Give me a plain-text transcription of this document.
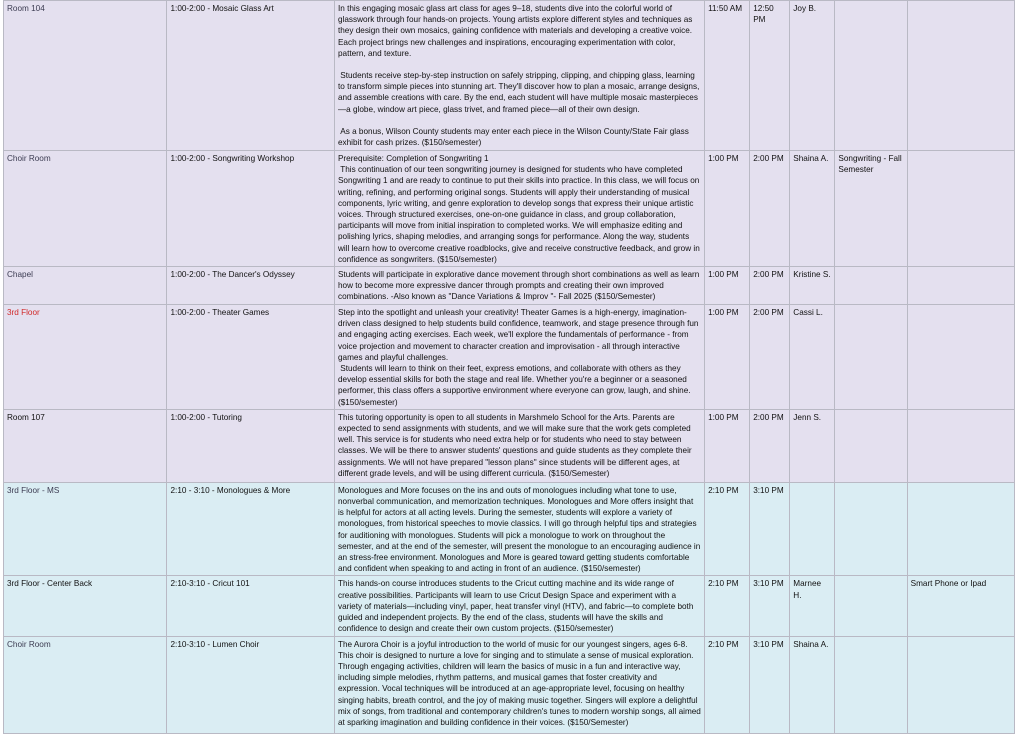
Room 104	1:00-2:00 - Mosaic Glass Art	In this engaging mosaic glass art class for ages 9–18, students dive into the colorful world of glasswork through four hands-on projects. Young artists explore different styles and techniques as they design their own mosaics, gaining confidence with materials and developing a creative voice. Each project brings new challenges and inspirations, encouraging experimentation with color, pattern, and texture.

Students receive step-by-step instruction on safely stripping, clipping, and chipping glass, learning to transform simple pieces into stunning art. They'll discover how to plan a mosaic, arrange designs, and assemble creations with care. By the end, each student will have multiple mosaic masterpieces—a globe, window art piece, glass trivet, and framed piece—all of their own design.

As a bonus, Wilson County students may enter each piece in the Wilson County/State Fair glass exhibit for cash prizes. ($150/semester)	11:50 AM	12:50 PM	Joy B.		
Choir Room	1:00-2:00 - Songwriting Workshop	Prerequisite: Completion of Songwriting 1
This continuation of our teen songwriting journey is designed for students who have completed Songwriting 1 and are ready to continue to put their skills into practice. In this class, we will focus on writing, refining, and performing original songs. Students will apply their understanding of musical components, lyric writing, and genre exploration to develop songs that express their unique artistic voices. Through structured exercises, one-on-one guidance in class, and group collaboration, participants will move from initial inspiration to completed works. We will emphasize editing and polishing lyrics, shaping melodies, and arranging songs for performance. Along the way, students will learn how to overcome creative roadblocks, give and receive constructive feedback, and grow in confidence as songwriters. ($150/semester)	1:00 PM	2:00 PM	Shaina A.	Songwriting - Fall Semester	
Chapel	1:00-2:00 - The Dancer's Odyssey	Students will participate in explorative dance movement through short combinations as well as learn how to become more expressive dancer through prompts and creating their own improved combinations. -Also known as "Dance Variations & Improv "- Fall 2025 ($150/Semester)	1:00 PM	2:00 PM	Kristine S.		
3rd Floor	1:00-2:00 - Theater Games	Step into the spotlight and unleash your creativity! Theater Games is a high-energy, imagination-driven class designed to help students build confidence, teamwork, and stage presence through fun and engaging acting exercises. Each week, we'll explore the fundamentals of performance - from voice projection and movement to character creation and improvisation - all through interactive games and playful challenges.
Students will learn to think on their feet, express emotions, and collaborate with others as they develop essential skills for both the stage and real life. Whether you're a beginner or a seasoned performer, this class offers a supportive environment where everyone can grow, laugh, and shine. ($150/semester)	1:00 PM	2:00 PM	Cassi L.		
Room 107	1:00-2:00 - Tutoring	This tutoring opportunity is open to all students in Marshmelo School for the Arts. Parents are expected to send assignments with students, and we will make sure that the work gets completed well. This service is for students who need extra help or for students who need to stay between classes. We will be there to answer students' questions and guide students as they complete their assignments. We will not have prepared "lesson plans" since students will be different ages, at different grade levels, and will be using different curricula. ($150/Semester)	1:00 PM	2:00 PM	Jenn S.		
3rd Floor - MS	2:10 - 3:10 - Monologues & More	Monologues and More focuses on the ins and outs of monologues including what tone to use, nonverbal communication, and memorization techniques. Monologues and More offers insight that is helpful for actors at all acting levels. During the semester, students will explore a variety of monologues, from historical speeches to movie classics. I will go through helpful tips and strategies for auditioning with monologues. Students will pick a monologue to work on throughout the semester, and at the end of the semester, will present the monologue to an encouraging audience in an stress-free environment. Monologues and More is geared toward getting students comfortable and confident when speaking to and acting in front of an audience. ($150/semester)	2:10 PM	3:10 PM			
3rd Floor - Center Back	2:10-3:10 - Cricut 101	This hands-on course introduces students to the Cricut cutting machine and its wide range of creative possibilities. Participants will learn to use Cricut Design Space and experiment with a variety of materials—including vinyl, paper, heat transfer vinyl (HTV), and fabric—to complete both guided and independent projects. By the end of the class, students will have the skills and confidence to design and create their own custom projects. ($150/semester)	2:10 PM	3:10 PM	Marnee H.		Smart Phone or Ipad
Choir Room	2:10-3:10 - Lumen Choir	The Aurora Choir is a joyful introduction to the world of music for our youngest singers, ages 6-8. This choir is designed to nurture a love for singing and to stimulate a sense of musical exploration. Through engaging activities, children will learn the basics of music in a fun and interactive way, including simple melodies, rhythm patterns, and musical games that foster creativity and expression. Vocal techniques will be introduced at an age-appropriate level, focusing on healthy singing habits, breath control, and the joy of making music together. Singers will explore a delightful mix of songs, from traditional and contemporary children's tunes to modern worship songs, all aimed at sparking imagination and building confidence in their voices. ($150/Semester)	2:10 PM	3:10 PM	Shaina A.		
